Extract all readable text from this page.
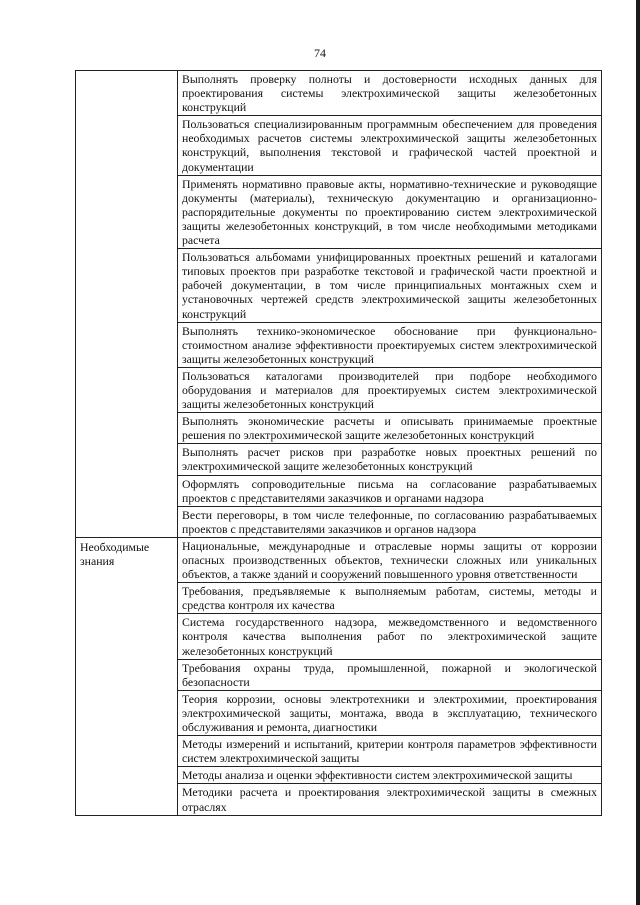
74
	Выполнять проверку полноты и достоверности исходных данных для проектирования системы электрохимической защиты железобетонных конструкций
	Пользоваться специализированным программным обеспечением для проведения необходимых расчетов системы электрохимической защиты железобетонных конструкций, выполнения текстовой и графической частей проектной и документации
	Применять нормативно правовые акты, нормативно-технические и руководящие документы (материалы), техническую документацию и организационно-распорядительные документы по проектированию систем электрохимической защиты железобетонных конструкций, в том числе необходимыми методиками расчета
	Пользоваться альбомами унифицированных проектных решений и каталогами типовых проектов при разработке текстовой и графической части проектной и рабочей документации, в том числе принципиальных монтажных схем и установочных чертежей средств электрохимической защиты железобетонных конструкций
	Выполнять технико-экономическое обоснование при функционально-стоимостном анализе эффективности проектируемых систем электрохимической защиты железобетонных конструкций
	Пользоваться каталогами производителей при подборе необходимого оборудования и материалов для проектируемых систем электрохимической защиты железобетонных конструкций
	Выполнять экономические расчеты и описывать принимаемые проектные решения по электрохимической защите железобетонных конструкций
	Выполнять расчет рисков при разработке новых проектных решений по электрохимической защите железобетонных конструкций
	Оформлять сопроводительные письма на согласование разрабатываемых проектов с представителями заказчиков и органами надзора
	Вести переговоры, в том числе телефонные, по согласованию разрабатываемых проектов с представителями заказчиков и органов надзора
Необходимые знания	Национальные, международные и отраслевые нормы защиты от коррозии опасных производственных объектов, технически сложных или уникальных объектов, а также зданий и сооружений повышенного уровня ответственности
	Требования, предъявляемые к выполняемым работам, системы, методы и средства контроля их качества
	Система государственного надзора, межведомственного и ведомственного контроля качества выполнения работ по электрохимической защите железобетонных конструкций
	Требования охраны труда, промышленной, пожарной и экологической безопасности
	Теория коррозии, основы электротехники и электрохимии, проектирования электрохимической защиты, монтажа, ввода в эксплуатацию, технического обслуживания и ремонта, диагностики
	Методы измерений и испытаний, критерии контроля параметров эффективности систем электрохимической защиты
	Методы анализа и оценки эффективности систем электрохимической защиты
	Методики расчета и проектирования электрохимической защиты в смежных отраслях
